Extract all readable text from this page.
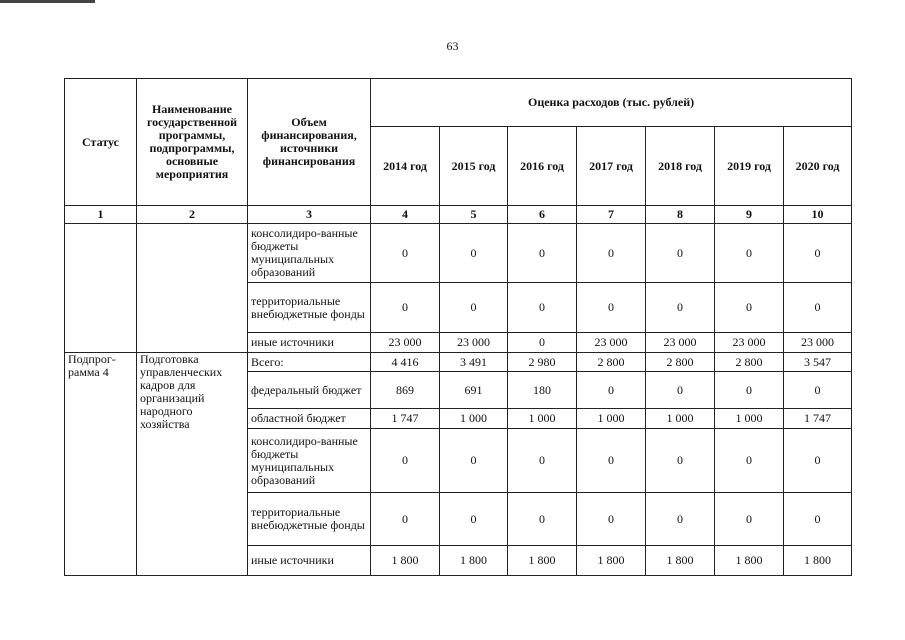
63
Статус	Наименование государственной программы, подпрограммы, основные мероприятия	Объем финансирования, источники финансирования	Оценка расходов (тыс. рублей)						
			2014 год	2015 год	2016 год	2017 год	2018 год	2019 год	2020 год
1	2	3	4	5	6	7	8	9	10
		консолидиро-ванные бюджеты муниципальных образований	0	0	0	0	0	0	0
		территориальные внебюджетные фонды	0	0	0	0	0	0	0
		иные источники	23 000	23 000	0	23 000	23 000	23 000	23 000
Подпрог-рамма 4	Подготовка управленческих кадров для организаций народного хозяйства	Всего:	4 416	3 491	2 980	2 800	2 800	2 800	3 547
		федеральный бюджет	869	691	180	0	0	0	0
		областной бюджет	1 747	1 000	1 000	1 000	1 000	1 000	1 747
		консолидиро-ванные бюджеты муниципальных образований	0	0	0	0	0	0	0
		территориальные внебюджетные фонды	0	0	0	0	0	0	0
		иные источники	1 800	1 800	1 800	1 800	1 800	1 800	1 800
